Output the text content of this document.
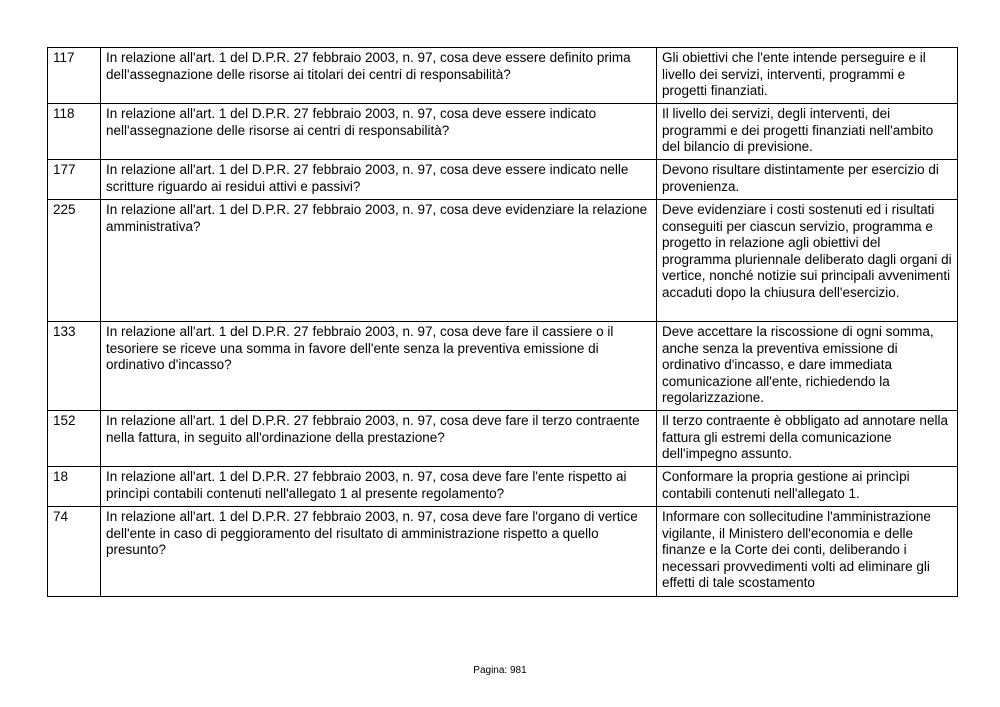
117	In relazione all'art. 1 del D.P.R. 27 febbraio 2003, n. 97, cosa deve essere definito prima dell'assegnazione delle risorse ai titolari dei centri di responsabilità?	Gli obiettivi che l'ente intende perseguire e il livello dei servizi, interventi, programmi e progetti finanziati.
118	In relazione all'art. 1 del D.P.R. 27 febbraio 2003, n. 97, cosa deve essere indicato nell'assegnazione delle risorse ai centri di responsabilità?	Il livello dei servizi, degli interventi, dei programmi e dei progetti finanziati nell'ambito del bilancio di previsione.
177	In relazione all'art. 1 del D.P.R. 27 febbraio 2003, n. 97, cosa deve essere indicato nelle scritture riguardo ai residui attivi e passivi?	Devono risultare distintamente per esercizio di provenienza.
225	In relazione all'art. 1 del D.P.R. 27 febbraio 2003, n. 97, cosa deve evidenziare la relazione amministrativa?	Deve evidenziare i costi sostenuti ed i risultati conseguiti per ciascun servizio, programma e progetto in relazione agli obiettivi del programma pluriennale deliberato dagli organi di vertice, nonché notizie sui principali avvenimenti accaduti dopo la chiusura dell'esercizio.
133	In relazione all'art. 1 del D.P.R. 27 febbraio 2003, n. 97, cosa deve fare il cassiere o il tesoriere se riceve una somma in favore dell'ente senza la preventiva emissione di ordinativo d'incasso?	Deve accettare la riscossione di ogni somma, anche senza la preventiva emissione di ordinativo d'incasso, e dare immediata comunicazione all'ente, richiedendo la regolarizzazione.
152	In relazione all'art. 1 del D.P.R. 27 febbraio 2003, n. 97, cosa deve fare il terzo contraente nella fattura, in seguito all'ordinazione della prestazione?	Il terzo contraente è obbligato ad annotare nella fattura gli estremi della comunicazione dell'impegno assunto.
18	In relazione all'art. 1 del D.P.R. 27 febbraio 2003, n. 97, cosa deve fare l'ente rispetto ai princìpi contabili contenuti nell'allegato 1 al presente regolamento?	Conformare la propria gestione ai princìpi contabili contenuti nell'allegato 1.
74	In relazione all'art. 1 del D.P.R. 27 febbraio 2003, n. 97, cosa deve fare l'organo di vertice dell'ente in caso di peggioramento del risultato di amministrazione rispetto a quello presunto?	Informare con sollecitudine l'amministrazione vigilante, il Ministero dell'economia e delle finanze e la Corte dei conti, deliberando i necessari provvedimenti volti ad eliminare gli effetti di tale scostamento
Pagina: 981
